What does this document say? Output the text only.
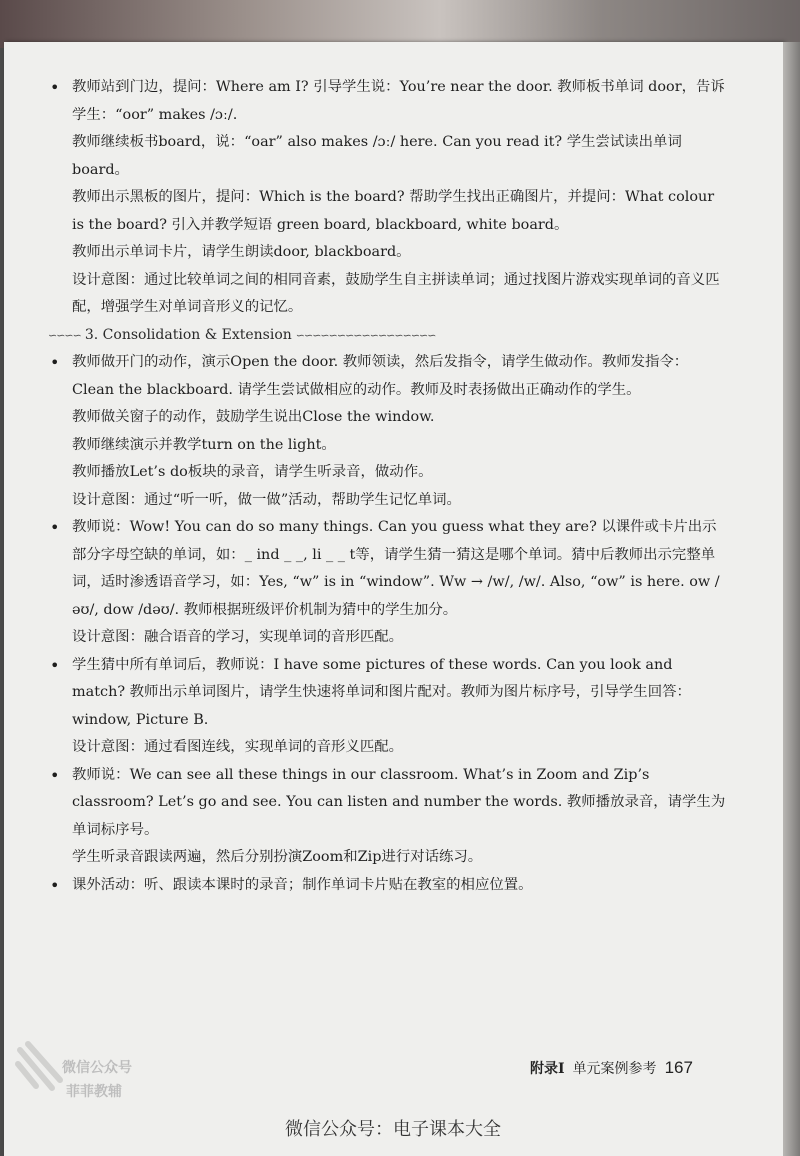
• 教师站到门边，提问：Where am I? 引导学生说：You’re near the door. 教师板书单词 door，告诉学生：“oor” makes /ɔː/.

教师继续板书board，说：“oar” also makes /ɔː/ here. Can you read it? 学生尝试读出单词 board。

教师出示黑板的图片，提问：Which is the board? 帮助学生找出正确图片，并提问：What colour is the board? 引入并教学短语 green board, blackboard, white board。

教师出示单词卡片，请学生朗读door, blackboard。

设计意图：通过比较单词之间的相同音素，鼓励学生自主拼读单词；通过找图片游戏实现单词的音义匹配，增强学生对单词音形义的记忆。

∽∽∽∽ 3. Consolidation & Extension ∽∽∽∽∽∽∽∽∽∽∽∽∽∽∽∽∽

• 教师做开门的动作，演示Open the door. 教师领读，然后发指令，请学生做动作。教师发指令：Clean the blackboard. 请学生尝试做相应的动作。教师及时表扬做出正确动作的学生。

教师做关窗子的动作，鼓励学生说出Close the window.

教师继续演示并教学turn on the light。

教师播放Let’s do板块的录音，请学生听录音，做动作。

设计意图：通过“听一听，做一做”活动，帮助学生记忆单词。

• 教师说：Wow! You can do so many things. Can you guess what they are? 以课件或卡片出示部分字母空缺的单词，如：_ ind _ _, li _ _ t等，请学生猜一猜这是哪个单词。猜中后教师出示完整单词，适时渗透语音学习，如：Yes, “w” is in “window”. Ww → /w/, /w/. Also, “ow” is here. ow /əʊ/, dow /dəʊ/. 教师根据班级评价机制为猜中的学生加分。

设计意图：融合语音的学习，实现单词的音形匹配。

• 学生猜中所有单词后，教师说：I have some pictures of these words. Can you look and match? 教师出示单词图片，请学生快速将单词和图片配对。教师为图片标序号，引导学生回答：window, Picture B.

设计意图：通过看图连线，实现单词的音形义匹配。

• 教师说：We can see all these things in our classroom. What’s in Zoom and Zip’s classroom? Let’s go and see. You can listen and number the words. 教师播放录音，请学生为单词标序号。

学生听录音跟读两遍，然后分别扮演Zoom和Zip进行对话练习。

• 课外活动：听、跟读本课时的录音；制作单词卡片贴在教室的相应位置。

微信公众号
菲菲教辅
附录Ⅰ 单元案例参考 167
微信公众号：电子课本大全
